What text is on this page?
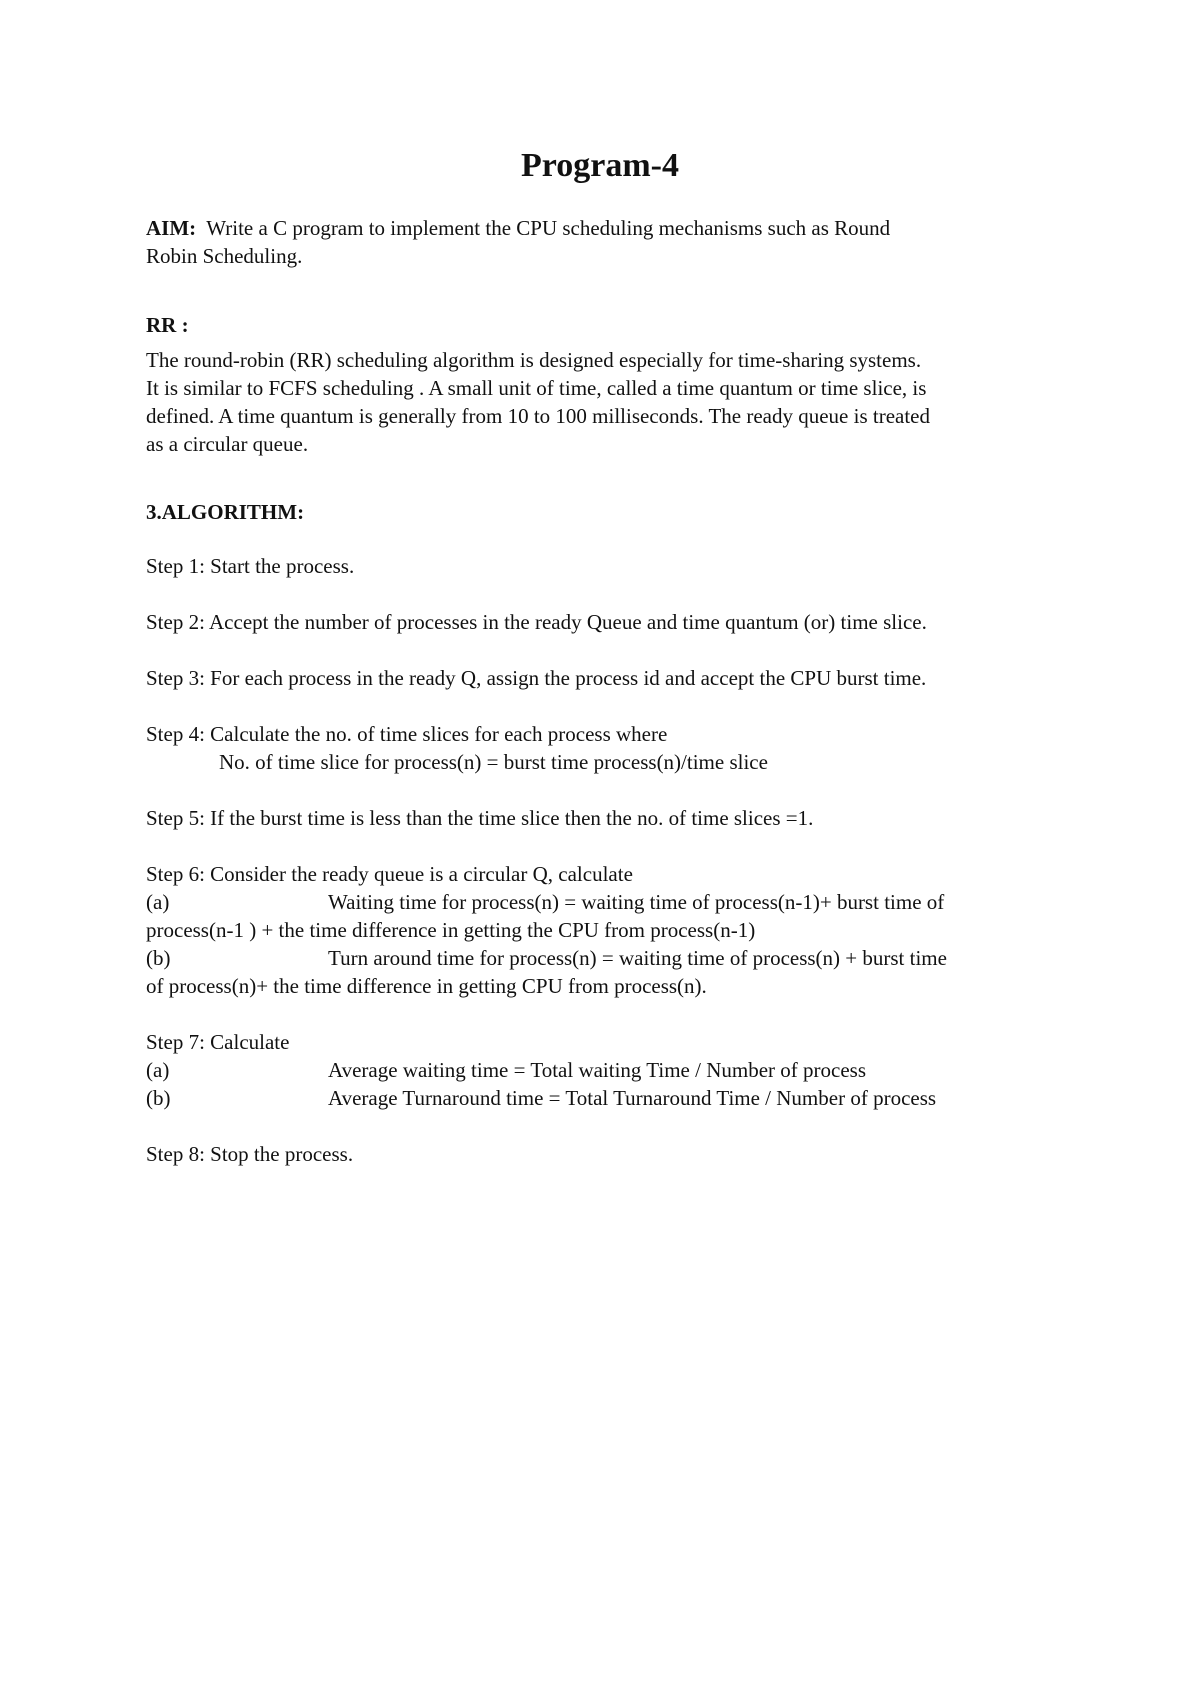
Program-4
AIM: Write a C program to implement the CPU scheduling mechanisms such as Round
Robin Scheduling.
RR :
The round-robin (RR) scheduling algorithm is designed especially for time-sharing systems.
It is similar to FCFS scheduling . A small unit of time, called a time quantum or time slice, is
defined. A time quantum is generally from 10 to 100 milliseconds. The ready queue is treated
as a circular queue.
3.ALGORITHM:
Step 1: Start the process.
Step 2: Accept the number of processes in the ready Queue and time quantum (or) time slice.
Step 3: For each process in the ready Q, assign the process id and accept the CPU burst time.
Step 4: Calculate the no. of time slices for each process where
No. of time slice for process(n) = burst time process(n)/time slice
Step 5: If the burst time is less than the time slice then the no. of time slices =1.
Step 6: Consider the ready queue is a circular Q, calculate
(a)	Waiting time for process(n) = waiting time of process(n-1)+ burst time of
process(n-1 ) + the time difference in getting the CPU from process(n-1)
(b)	Turn around time for process(n) = waiting time of process(n) + burst time
of process(n)+ the time difference in getting CPU from process(n).
Step 7: Calculate
(a)	Average waiting time = Total waiting Time / Number of process
(b)	Average Turnaround time = Total Turnaround Time / Number of process
Step 8: Stop the process.
